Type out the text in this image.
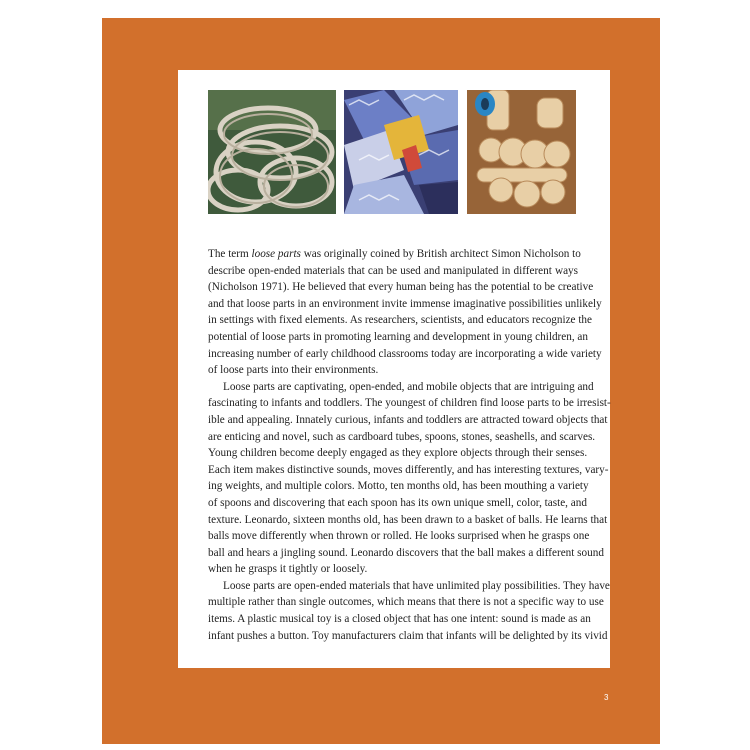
The term loose parts was originally coined by British architect Simon Nicholson to
describe open-ended materials that can be used and manipulated in different ways
(Nicholson 1971). He believed that every human being has the potential to be creative
and that loose parts in an environment invite immense imaginative possibilities unlikely
in settings with fixed elements. As researchers, scientists, and educators recognize the
potential of loose parts in promoting learning and development in young children, an
increasing number of early childhood classrooms today are incorporating a wide variety
of loose parts into their environments.

Loose parts are captivating, open-ended, and mobile objects that are intriguing and
fascinating to infants and toddlers. The youngest of children find loose parts to be irresist-
ible and appealing. Innately curious, infants and toddlers are attracted toward objects that
are enticing and novel, such as cardboard tubes, spoons, stones, seashells, and scarves.
Young children become deeply engaged as they explore objects through their senses.
Each item makes distinctive sounds, moves differently, and has interesting textures, vary-
ing weights, and multiple colors. Motto, ten months old, has been mouthing a variety
of spoons and discovering that each spoon has its own unique smell, color, taste, and
texture. Leonardo, sixteen months old, has been drawn to a basket of balls. He learns that
balls move differently when thrown or rolled. He looks surprised when he grasps one
ball and hears a jingling sound. Leonardo discovers that the ball makes a different sound
when he grasps it tightly or loosely.

Loose parts are open-ended materials that have unlimited play possibilities. They have
multiple rather than single outcomes, which means that there is not a specific way to use
items. A plastic musical toy is a closed object that has one intent: sound is made as an
infant pushes a button. Toy manufacturers claim that infants will be delighted by its vivid

3
